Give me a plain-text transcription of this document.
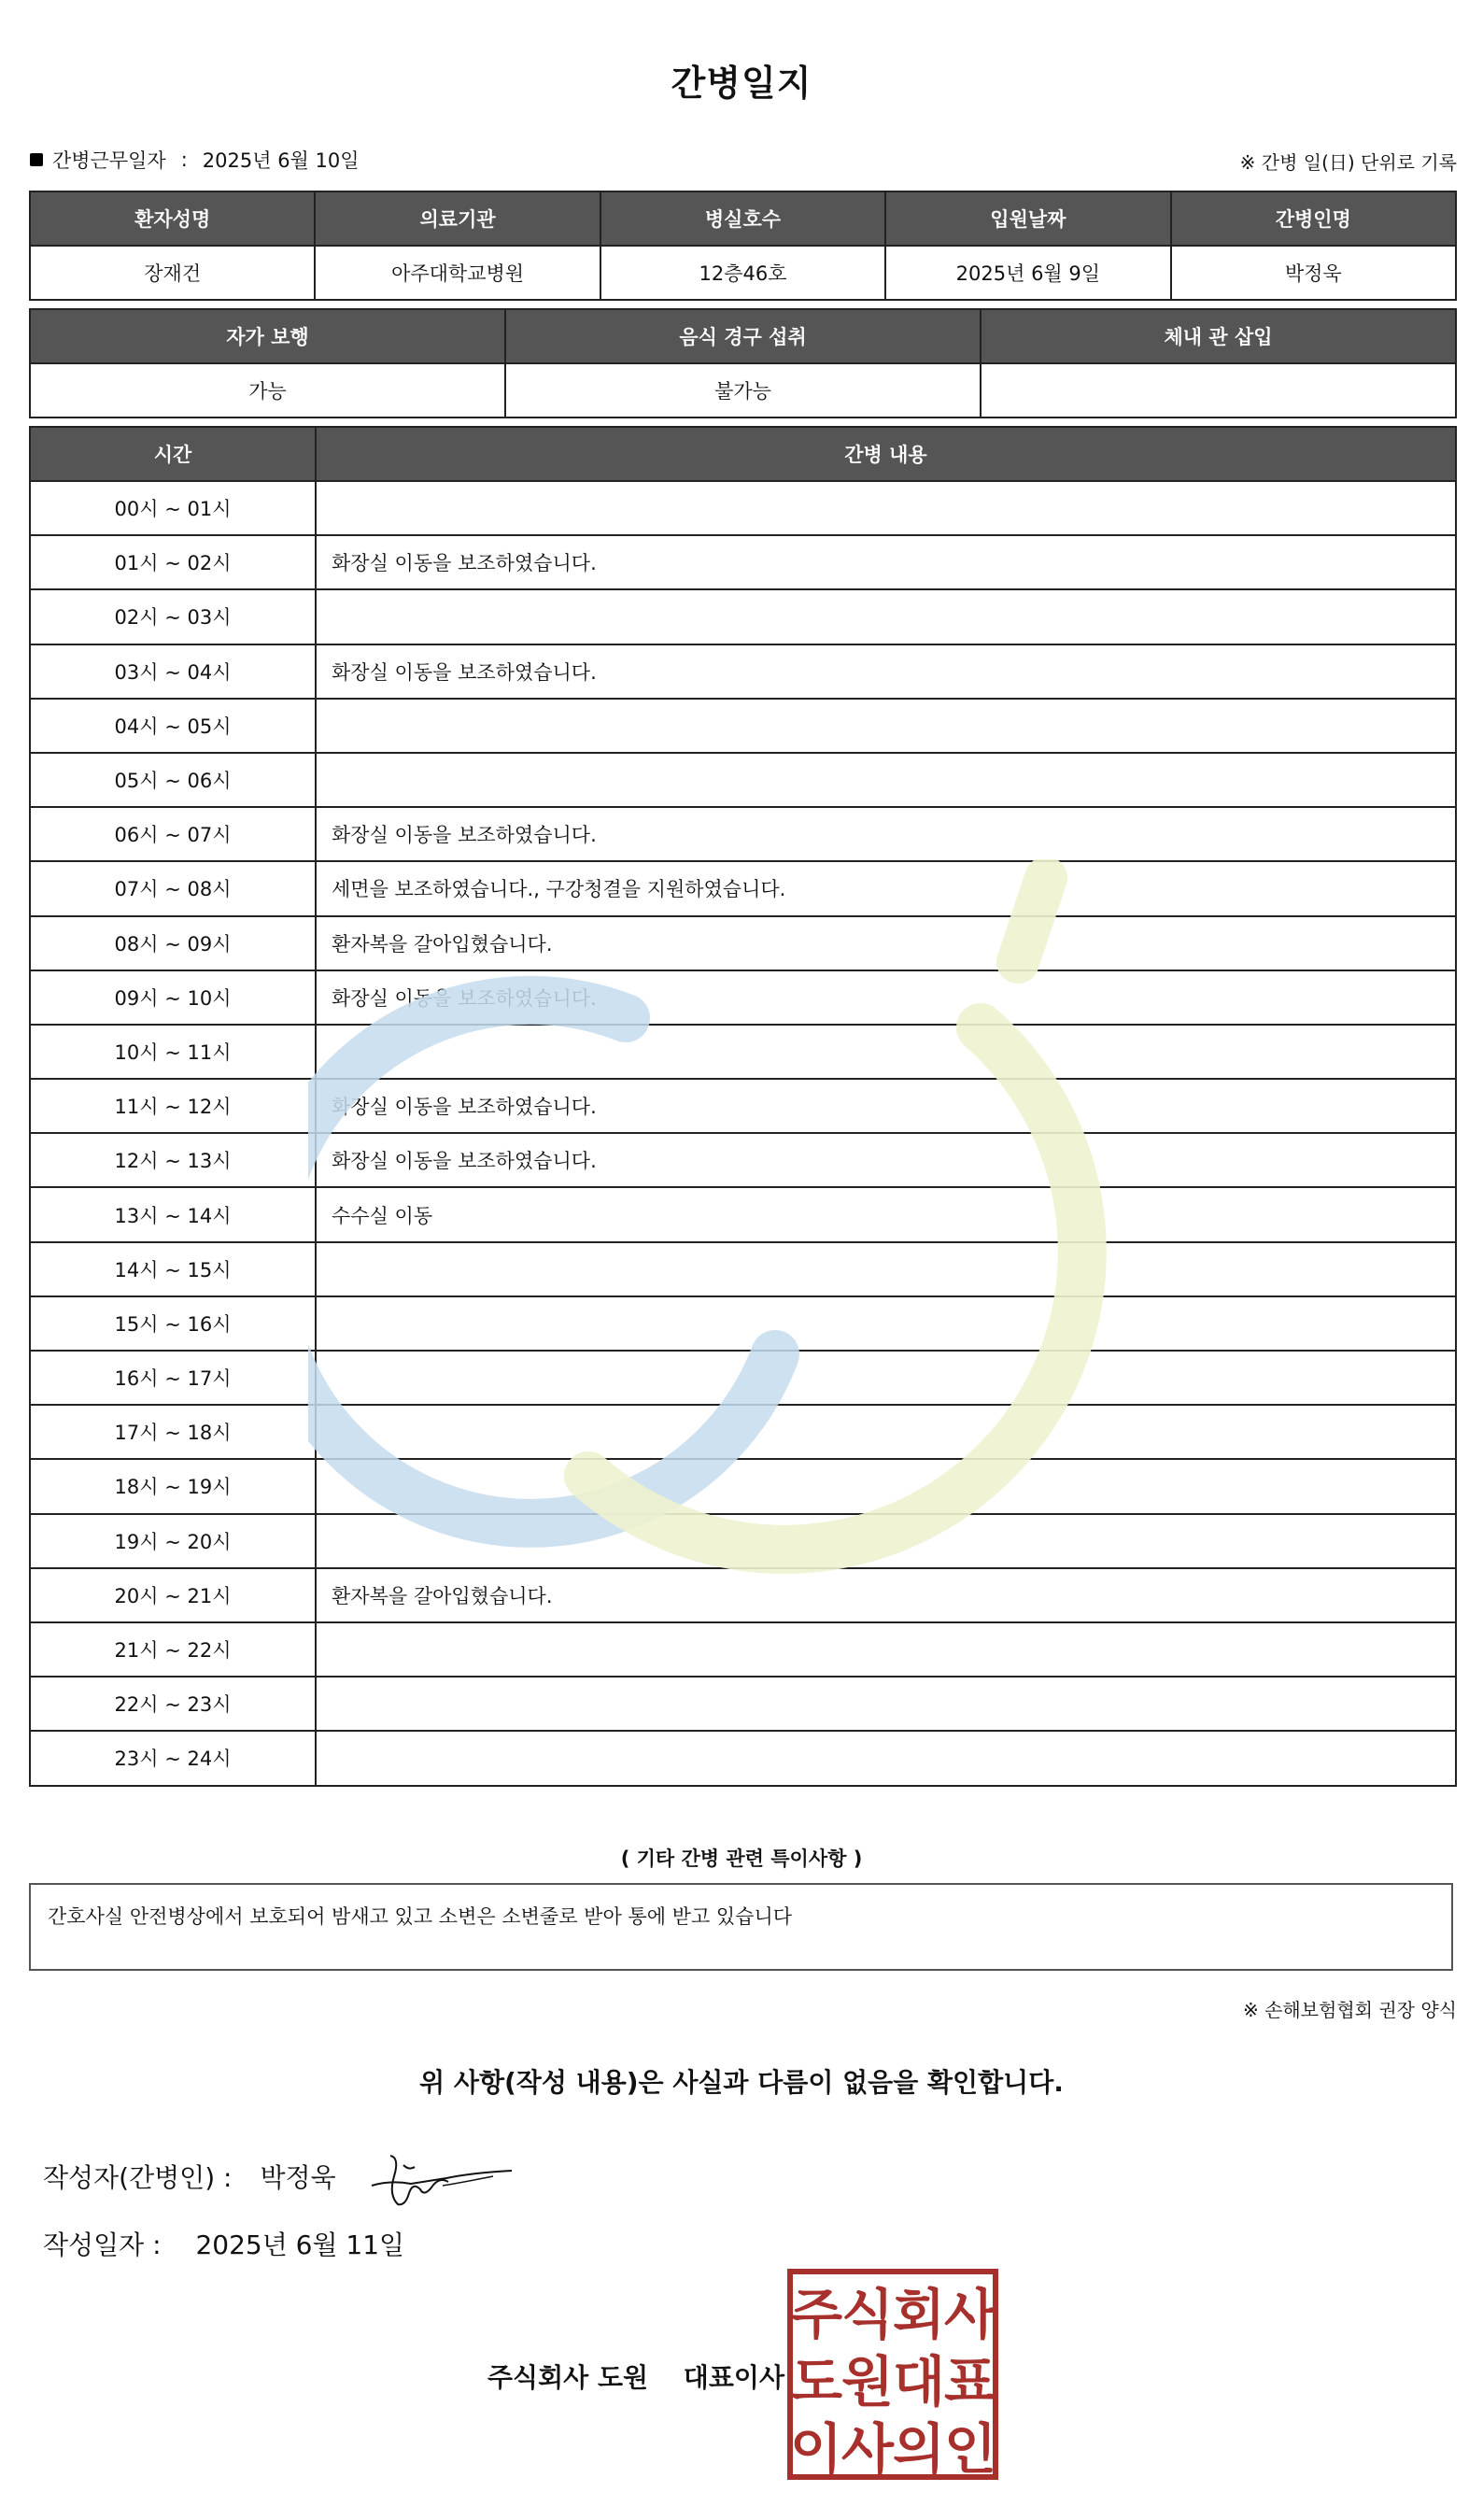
간병일지
간병근무일자 : 2025년 6월 10일	※ 간병 일(日) 단위로 기록
환자성명	의료기관	병실호수	입원날짜	간병인명
장재건	아주대학교병원	12층46호	2025년 6월 9일	박정욱
자가 보행	음식 경구 섭취	체내 관 삽입
가능	불가능	
시간	간병 내용
00시 ~ 01시	
01시 ~ 02시	화장실 이동을 보조하였습니다.
02시 ~ 03시	
03시 ~ 04시	화장실 이동을 보조하였습니다.
04시 ~ 05시	
05시 ~ 06시	
06시 ~ 07시	화장실 이동을 보조하였습니다.
07시 ~ 08시	세면을 보조하였습니다., 구강청결을 지원하였습니다.
08시 ~ 09시	환자복을 갈아입혔습니다.
09시 ~ 10시	화장실 이동을 보조하였습니다.
10시 ~ 11시	
11시 ~ 12시	화장실 이동을 보조하였습니다.
12시 ~ 13시	화장실 이동을 보조하였습니다.
13시 ~ 14시	수수실 이동
14시 ~ 15시	
15시 ~ 16시	
16시 ~ 17시	
17시 ~ 18시	
18시 ~ 19시	
19시 ~ 20시	
20시 ~ 21시	환자복을 갈아입혔습니다.
21시 ~ 22시	
22시 ~ 23시	
23시 ~ 24시	
( 기타 간병 관련 특이사항 )
간호사실 안전병상에서 보호되어 밤새고 있고 소변은 소변줄로 받아 통에 받고 있습니다
※ 손해보험협회 권장 양식
위 사항(작성 내용)은 사실과 다름이 없음을 확인합니다.
작성자(간병인) : 박정욱
작성일자 : 2025년 6월 11일
주식회사 도원 대표이사
주
식
회
사
도
원
대
표
이
사
의
인
